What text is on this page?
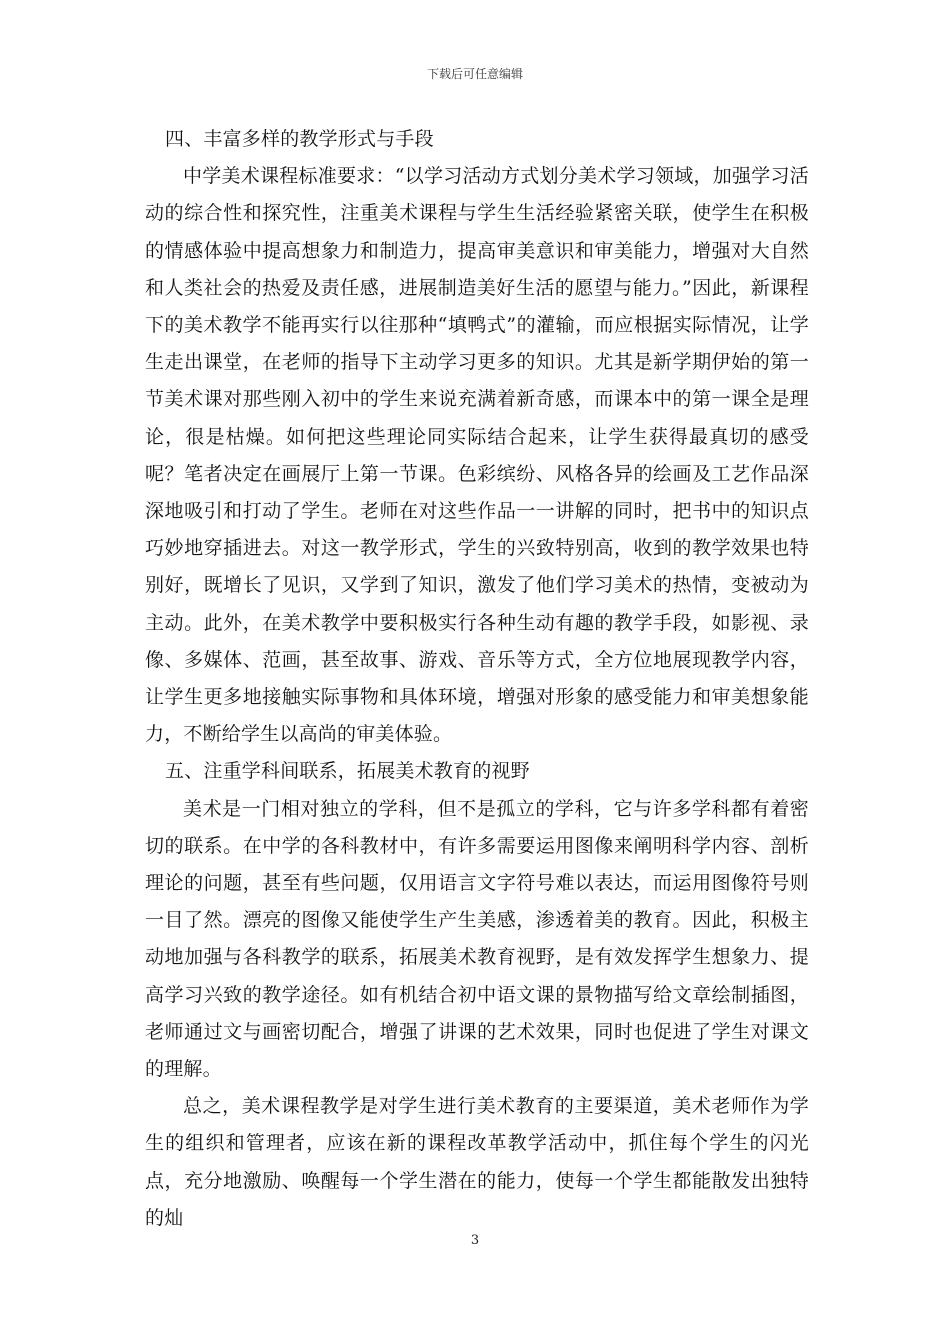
下载后可任意编辑

四、丰富多样的教学形式与手段

中学美术课程标准要求：“以学习活动方式划分美术学习领域，加强学习活动的综合性和探究性，注重美术课程与学生生活经验紧密关联，使学生在积极的情感体验中提高想象力和制造力，提高审美意识和审美能力，增强对大自然和人类社会的热爱及责任感，进展制造美好生活的愿望与能力。”因此，新课程下的美术教学不能再实行以往那种“填鸭式”的灌输，而应根据实际情况，让学生走出课堂，在老师的指导下主动学习更多的知识。尤其是新学期伊始的第一节美术课对那些刚入初中的学生来说充满着新奇感，而课本中的第一课全是理论，很是枯燥。如何把这些理论同实际结合起来，让学生获得最真切的感受呢？笔者决定在画展厅上第一节课。色彩缤纷、风格各异的绘画及工艺作品深深地吸引和打动了学生。老师在对这些作品一一讲解的同时，把书中的知识点巧妙地穿插进去。对这一教学形式，学生的兴致特别高，收到的教学效果也特别好，既增长了见识，又学到了知识，激发了他们学习美术的热情，变被动为主动。此外，在美术教学中要积极实行各种生动有趣的教学手段，如影视、录像、多媒体、范画，甚至故事、游戏、音乐等方式，全方位地展现教学内容，让学生更多地接触实际事物和具体环境，增强对形象的感受能力和审美想象能力，不断给学生以高尚的审美体验。

五、注重学科间联系，拓展美术教育的视野

美术是一门相对独立的学科，但不是孤立的学科，它与许多学科都有着密切的联系。在中学的各科教材中，有许多需要运用图像来阐明科学内容、剖析理论的问题，甚至有些问题，仅用语言文字符号难以表达，而运用图像符号则一目了然。漂亮的图像又能使学生产生美感，渗透着美的教育。因此，积极主动地加强与各科教学的联系，拓展美术教育视野，是有效发挥学生想象力、提高学习兴致的教学途径。如有机结合初中语文课的景物描写给文章绘制插图，老师通过文与画密切配合，增强了讲课的艺术效果，同时也促进了学生对课文的理解。

总之，美术课程教学是对学生进行美术教育的主要渠道，美术老师作为学生的组织和管理者，应该在新的课程改革教学活动中，抓住每个学生的闪光点，充分地激励、唤醒每一个学生潜在的能力，使每一个学生都能散发出独特的灿

3
